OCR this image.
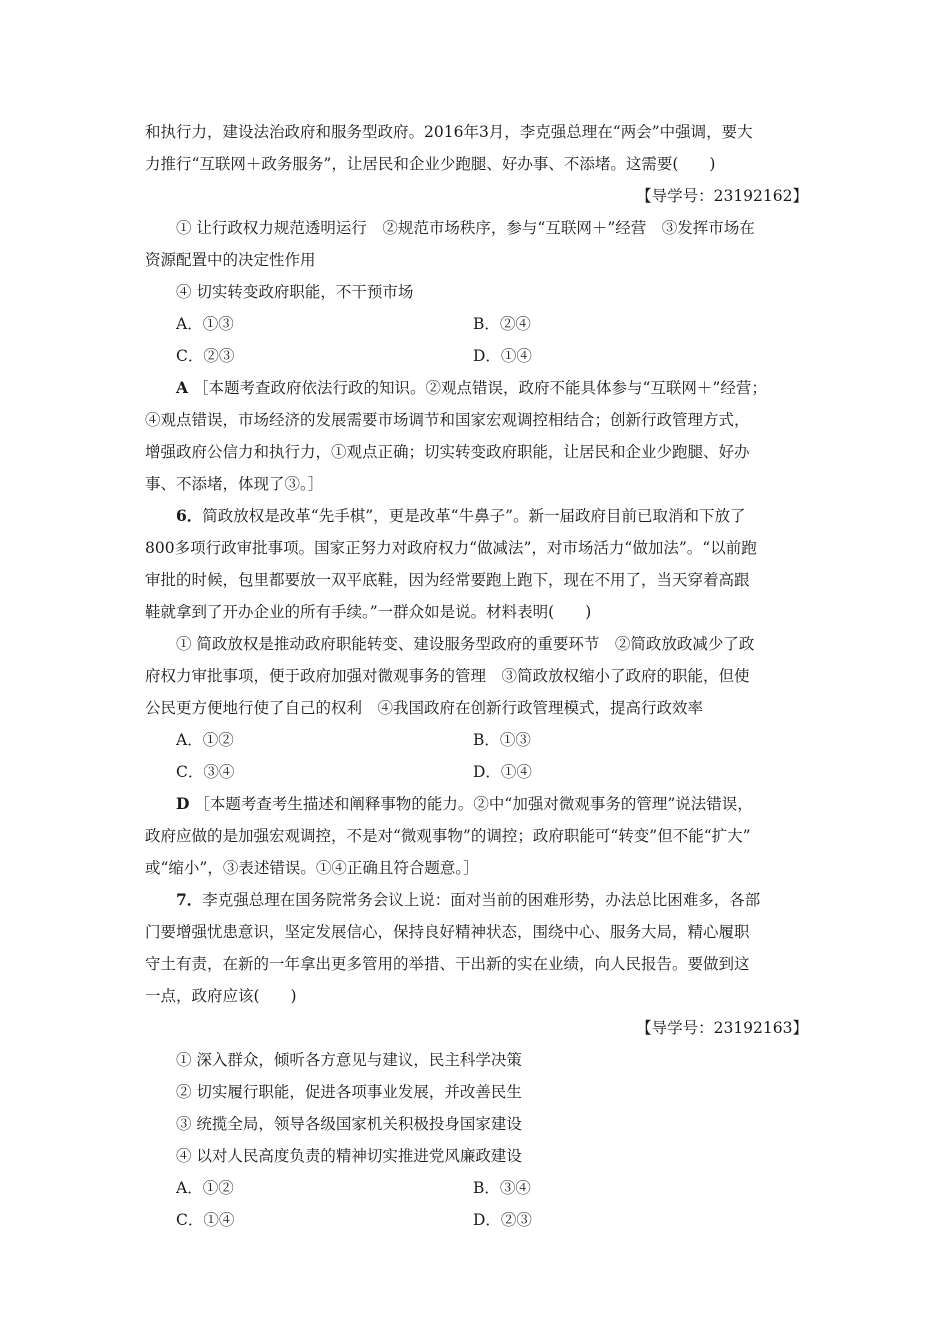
和执行力，建设法治政府和服务型政府。2016年3月，李克强总理在“两会”中强调，要大
力推行“互联网＋政务服务”，让居民和企业少跑腿、好办事、不添堵。这需要(　　)
【导学号：23192162】
① 让行政权力规范透明运行　②规范市场秩序，参与“互联网＋”经营　③发挥市场在
资源配置中的决定性作用
④ 切实转变政府职能，不干预市场
A．①③	B．②④
C．②③	D．①④
A ［本题考查政府依法行政的知识。②观点错误，政府不能具体参与“互联网＋”经营；
④观点错误，市场经济的发展需要市场调节和国家宏观调控相结合；创新行政管理方式，
增强政府公信力和执行力，①观点正确；切实转变政府职能，让居民和企业少跑腿、好办
事、不添堵，体现了③。］
6．简政放权是改革“先手棋”，更是改革“牛鼻子”。新一届政府目前已取消和下放了
800多项行政审批事项。国家正努力对政府权力“做减法”，对市场活力“做加法”。“以前跑
审批的时候，包里都要放一双平底鞋，因为经常要跑上跑下，现在不用了，当天穿着高跟
鞋就拿到了开办企业的所有手续。”一群众如是说。材料表明(　　)
① 简政放权是推动政府职能转变、建设服务型政府的重要环节　②简政放政减少了政
府权力审批事项，便于政府加强对微观事务的管理　③简政放权缩小了政府的职能，但使
公民更方便地行使了自己的权利　④我国政府在创新行政管理模式，提高行政效率
A．①②	B．①③
C．③④	D．①④
D ［本题考查考生描述和阐释事物的能力。②中“加强对微观事务的管理”说法错误，
政府应做的是加强宏观调控，不是对“微观事物”的调控；政府职能可“转变”但不能“扩大”
或“缩小”，③表述错误。①④正确且符合题意。］
7．李克强总理在国务院常务会议上说：面对当前的困难形势，办法总比困难多，各部
门要增强忧患意识，坚定发展信心，保持良好精神状态，围绕中心、服务大局，精心履职
守土有责，在新的一年拿出更多管用的举措、干出新的实在业绩，向人民报告。要做到这
一点，政府应该(　　)
【导学号：23192163】
① 深入群众，倾听各方意见与建议，民主科学决策
② 切实履行职能，促进各项事业发展，并改善民生
③ 统揽全局，领导各级国家机关积极投身国家建设
④ 以对人民高度负责的精神切实推进党风廉政建设
A．①②	B．③④
C．①④	D．②③
